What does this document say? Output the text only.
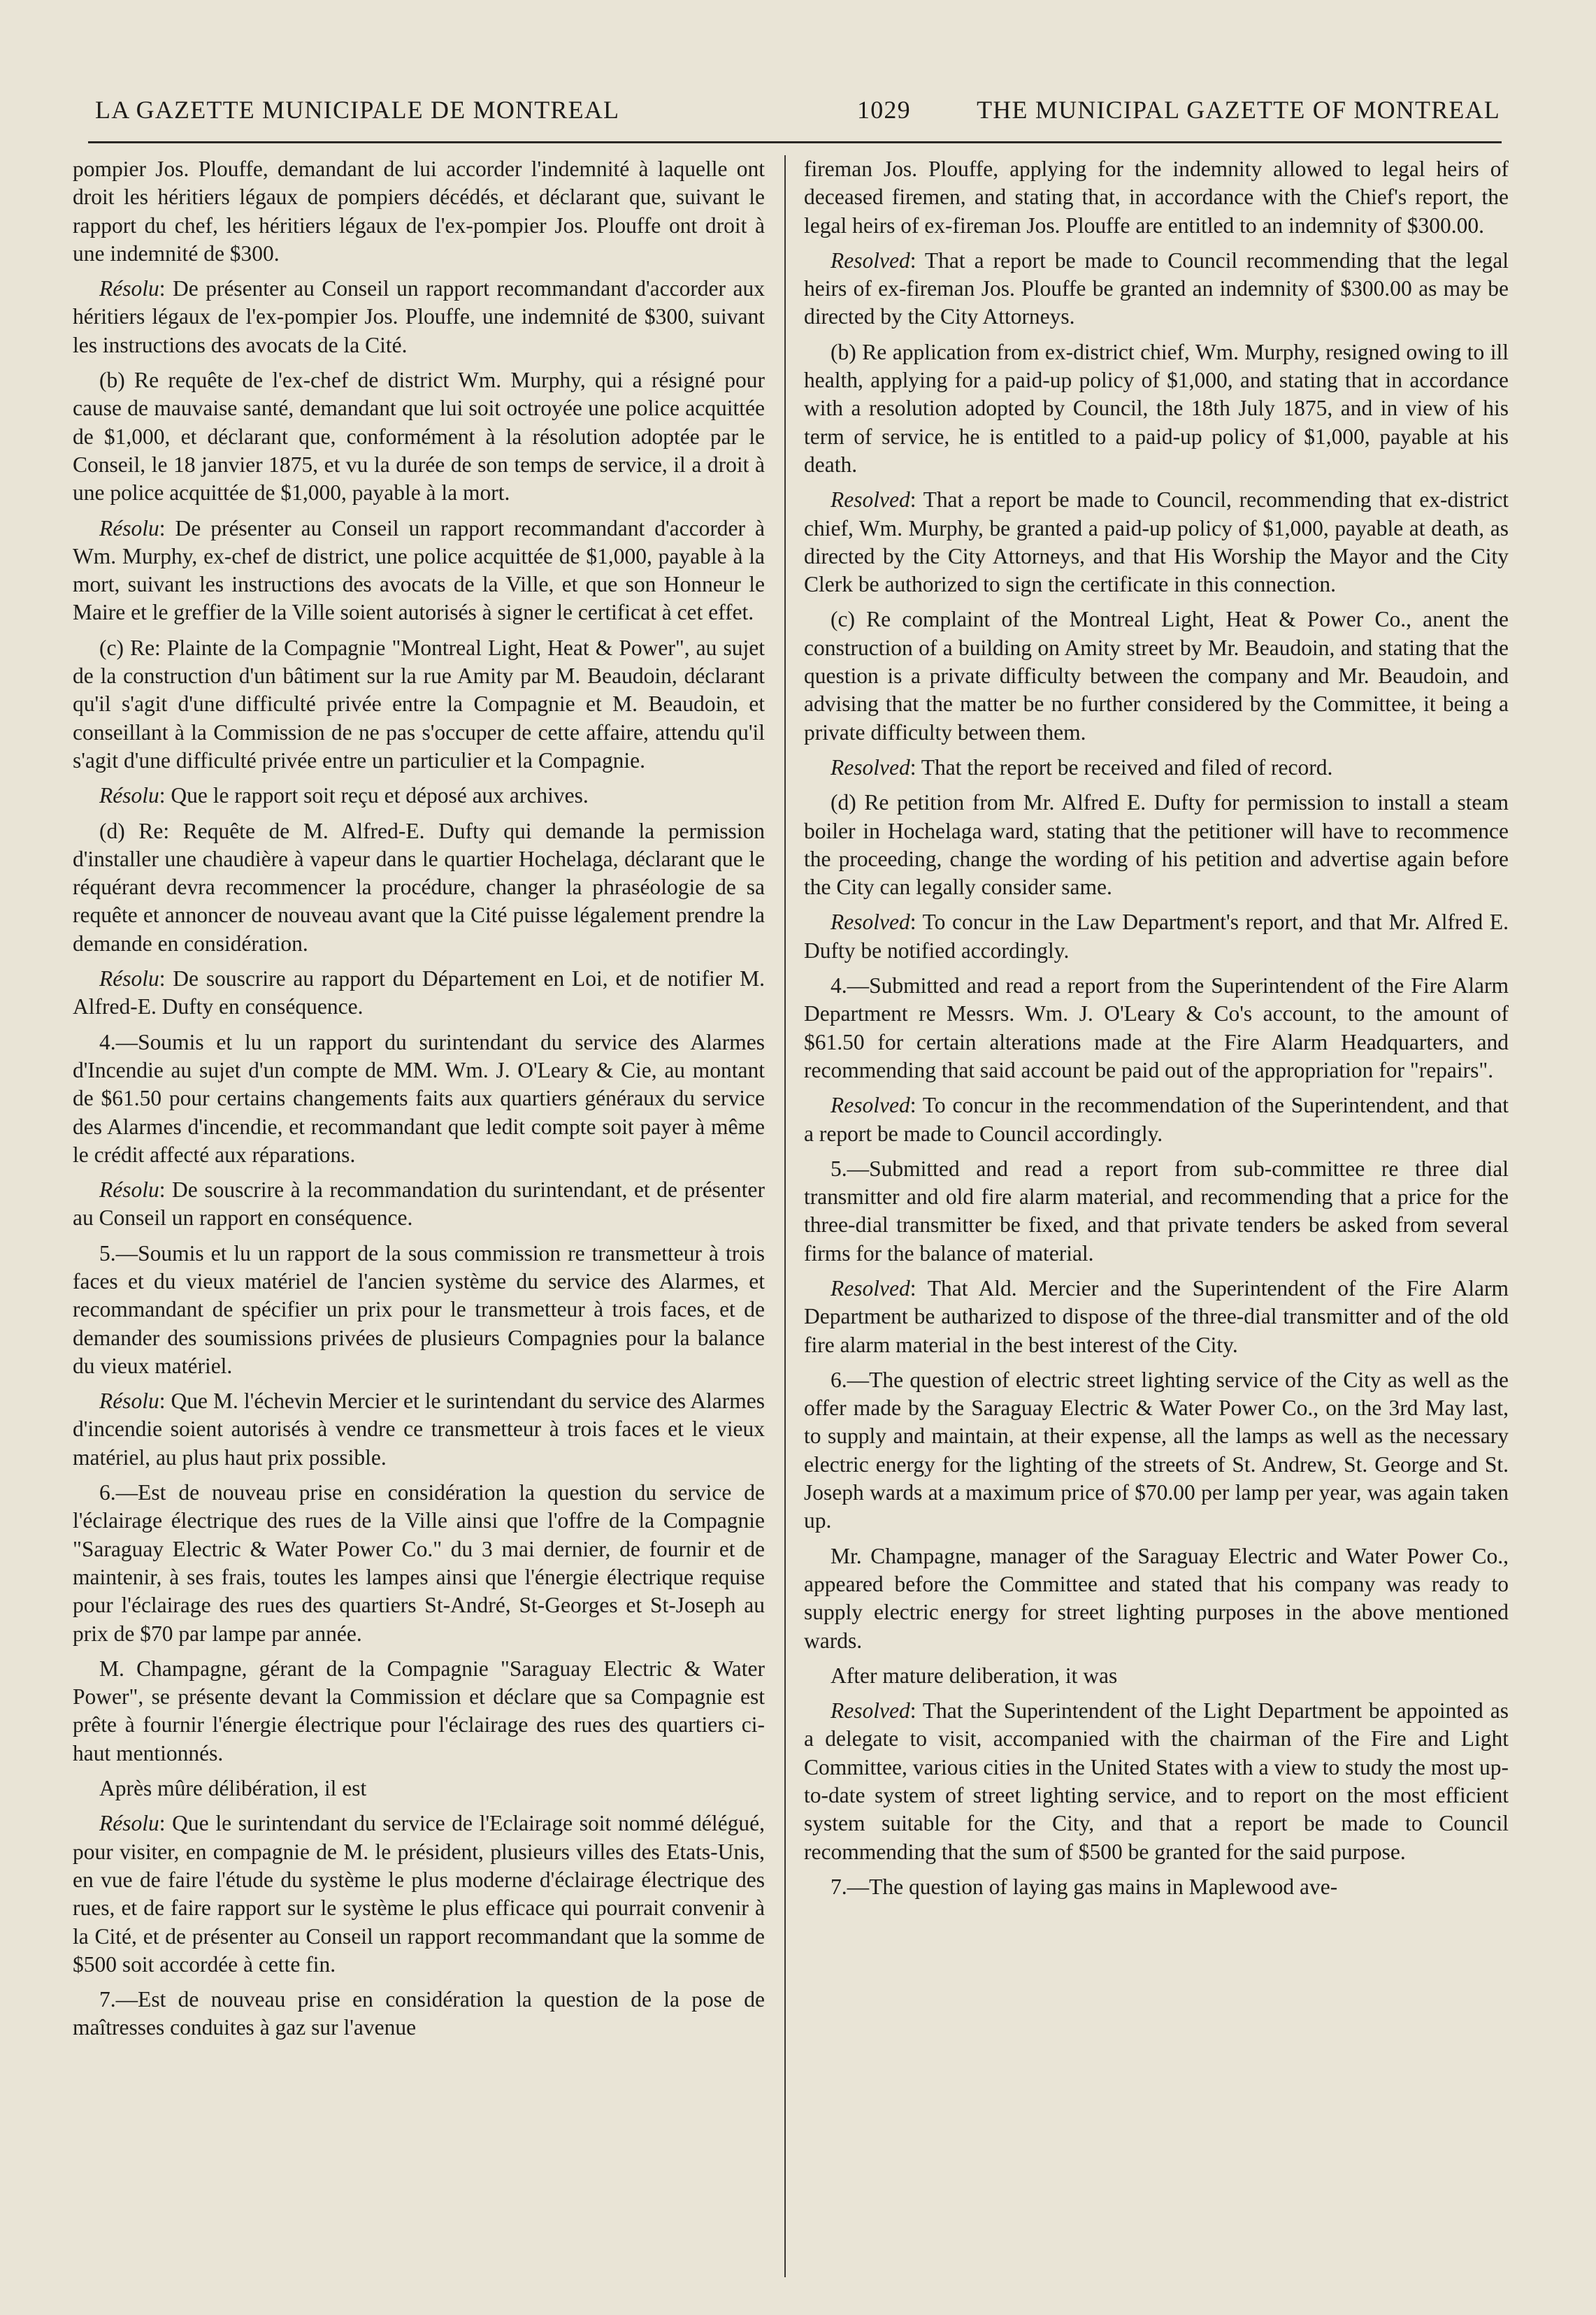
LA GAZETTE MUNICIPALE DE MONTREAL	1029	THE MUNICIPAL GAZETTE OF MONTREAL

pompier Jos. Plouffe, demandant de lui accorder l'indemnité à laquelle ont droit les héritiers légaux de pompiers décédés, et déclarant que, suivant le rapport du chef, les héritiers légaux de l'ex-pompier Jos. Plouffe ont droit à une indemnité de $300.

Résolu: De présenter au Conseil un rapport recommandant d'accorder aux héritiers légaux de l'ex-pompier Jos. Plouffe, une indemnité de $300, suivant les instructions des avocats de la Cité.

(b) Re requête de l'ex-chef de district Wm. Murphy, qui a résigné pour cause de mauvaise santé, demandant que lui soit octroyée une police acquittée de $1,000, et déclarant que, conformément à la résolution adoptée par le Conseil, le 18 janvier 1875, et vu la durée de son temps de service, il a droit à une police acquittée de $1,000, payable à la mort.

Résolu: De présenter au Conseil un rapport recommandant d'accorder à Wm. Murphy, ex-chef de district, une police acquittée de $1,000, payable à la mort, suivant les instructions des avocats de la Ville, et que son Honneur le Maire et le greffier de la Ville soient autorisés à signer le certificat à cet effet.

(c) Re: Plainte de la Compagnie "Montreal Light, Heat & Power", au sujet de la construction d'un bâtiment sur la rue Amity par M. Beaudoin, déclarant qu'il s'agit d'une difficulté privée entre la Compagnie et M. Beaudoin, et conseillant à la Commission de ne pas s'occuper de cette affaire, attendu qu'il s'agit d'une difficulté privée entre un particulier et la Compagnie.

Résolu: Que le rapport soit reçu et déposé aux archives.

(d) Re: Requête de M. Alfred-E. Dufty qui demande la permission d'installer une chaudière à vapeur dans le quartier Hochelaga, déclarant que le réquérant devra recommencer la procédure, changer la phraséologie de sa requête et annoncer de nouveau avant que la Cité puisse légalement prendre la demande en considération.

Résolu: De souscrire au rapport du Département en Loi, et de notifier M. Alfred-E. Dufty en conséquence.

4.—Soumis et lu un rapport du surintendant du service des Alarmes d'Incendie au sujet d'un compte de MM. Wm. J. O'Leary & Cie, au montant de $61.50 pour certains changements faits aux quartiers généraux du service des Alarmes d'incendie, et recommandant que ledit compte soit payer à même le crédit affecté aux réparations.

Résolu: De souscrire à la recommandation du surintendant, et de présenter au Conseil un rapport en conséquence.

5.—Soumis et lu un rapport de la sous commission re transmetteur à trois faces et du vieux matériel de l'ancien système du service des Alarmes, et recommandant de spécifier un prix pour le transmetteur à trois faces, et de demander des soumissions privées de plusieurs Compagnies pour la balance du vieux matériel.

Résolu: Que M. l'échevin Mercier et le surintendant du service des Alarmes d'incendie soient autorisés à vendre ce transmetteur à trois faces et le vieux matériel, au plus haut prix possible.

6.—Est de nouveau prise en considération la question du service de l'éclairage électrique des rues de la Ville ainsi que l'offre de la Compagnie "Saraguay Electric & Water Power Co." du 3 mai dernier, de fournir et de maintenir, à ses frais, toutes les lampes ainsi que l'énergie électrique requise pour l'éclairage des rues des quartiers St-André, St-Georges et St-Joseph au prix de $70 par lampe par année.

M. Champagne, gérant de la Compagnie "Saraguay Electric & Water Power", se présente devant la Commission et déclare que sa Compagnie est prête à fournir l'énergie électrique pour l'éclairage des rues des quartiers ci-haut mentionnés.

Après mûre délibération, il est

Résolu: Que le surintendant du service de l'Eclairage soit nommé délégué, pour visiter, en compagnie de M. le président, plusieurs villes des Etats-Unis, en vue de faire l'étude du système le plus moderne d'éclairage électrique des rues, et de faire rapport sur le système le plus efficace qui pourrait convenir à la Cité, et de présenter au Conseil un rapport recommandant que la somme de $500 soit accordée à cette fin.

7.—Est de nouveau prise en considération la question de la pose de maîtresses conduites à gaz sur l'avenue

fireman Jos. Plouffe, applying for the indemnity allowed to legal heirs of deceased firemen, and stating that, in accordance with the Chief's report, the legal heirs of ex-fireman Jos. Plouffe are entitled to an indemnity of $300.00.

Resolved: That a report be made to Council recommending that the legal heirs of ex-fireman Jos. Plouffe be granted an indemnity of $300.00 as may be directed by the City Attorneys.

(b) Re application from ex-district chief, Wm. Murphy, resigned owing to ill health, applying for a paid-up policy of $1,000, and stating that in accordance with a resolution adopted by Council, the 18th July 1875, and in view of his term of service, he is entitled to a paid-up policy of $1,000, payable at his death.

Resolved: That a report be made to Council, recommending that ex-district chief, Wm. Murphy, be granted a paid-up policy of $1,000, payable at death, as directed by the City Attorneys, and that His Worship the Mayor and the City Clerk be authorized to sign the certificate in this connection.

(c) Re complaint of the Montreal Light, Heat & Power Co., anent the construction of a building on Amity street by Mr. Beaudoin, and stating that the question is a private difficulty between the company and Mr. Beaudoin, and advising that the matter be no further considered by the Committee, it being a private difficulty between them.

Resolved: That the report be received and filed of record.

(d) Re petition from Mr. Alfred E. Dufty for permission to install a steam boiler in Hochelaga ward, stating that the petitioner will have to recommence the proceeding, change the wording of his petition and advertise again before the City can legally consider same.

Resolved: To concur in the Law Department's report, and that Mr. Alfred E. Dufty be notified accordingly.

4.—Submitted and read a report from the Superintendent of the Fire Alarm Department re Messrs. Wm. J. O'Leary & Co's account, to the amount of $61.50 for certain alterations made at the Fire Alarm Headquarters, and recommending that said account be paid out of the appropriation for "repairs".

Resolved: To concur in the recommendation of the Superintendent, and that a report be made to Council accordingly.

5.—Submitted and read a report from sub-committee re three dial transmitter and old fire alarm material, and recommending that a price for the three-dial transmitter be fixed, and that private tenders be asked from several firms for the balance of material.

Resolved: That Ald. Mercier and the Superintendent of the Fire Alarm Department be autharized to dispose of the three-dial transmitter and of the old fire alarm material in the best interest of the City.

6.—The question of electric street lighting service of the City as well as the offer made by the Saraguay Electric & Water Power Co., on the 3rd May last, to supply and maintain, at their expense, all the lamps as well as the necessary electric energy for the lighting of the streets of St. Andrew, St. George and St. Joseph wards at a maximum price of $70.00 per lamp per year, was again taken up.

Mr. Champagne, manager of the Saraguay Electric and Water Power Co., appeared before the Committee and stated that his company was ready to supply electric energy for street lighting purposes in the above mentioned wards.

After mature deliberation, it was

Resolved: That the Superintendent of the Light Department be appointed as a delegate to visit, accompanied with the chairman of the Fire and Light Committee, various cities in the United States with a view to study the most up-to-date system of street lighting service, and to report on the most efficient system suitable for the City, and that a report be made to Council recommending that the sum of $500 be granted for the said purpose.

7.—The question of laying gas mains in Maplewood ave-
